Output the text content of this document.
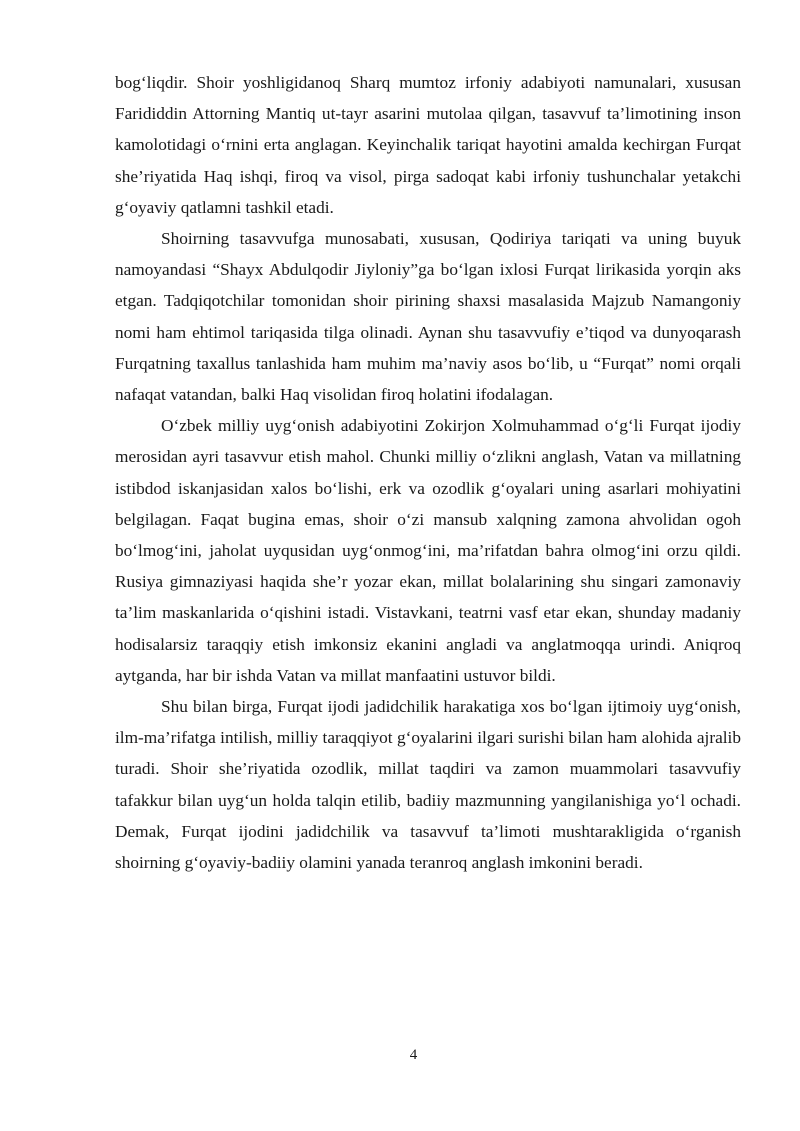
bog‘liqdir. Shoir yoshligidanoq Sharq mumtoz irfoniy adabiyoti namunalari, xususan Farididdin Attorning Mantiq ut-tayr asarini mutolaa qilgan, tasavvuf ta’limotining inson kamolotidagi o‘rnini erta anglagan. Keyinchalik tariqat hayotini amalda kechirgan Furqat she’riyatida Haq ishqi, firoq va visol, pirga sadoqat kabi irfoniy tushunchalar yetakchi g‘oyaviy qatlamni tashkil etadi.

Shoirning tasavvufga munosabati, xususan, Qodiriya tariqati va uning buyuk namoyandasi “Shayx Abdulqodir Jiyloniy”ga bo‘lgan ixlosi Furqat lirikasida yorqin aks etgan. Tadqiqotchilar tomonidan shoir pirining shaxsi masalasida Majzub Namangoniy nomi ham ehtimol tariqasida tilga olinadi. Aynan shu tasavvufiy e’tiqod va dunyoqarash Furqatning taxallus tanlashida ham muhim ma’naviy asos bo‘lib, u “Furqat” nomi orqali nafaqat vatandan, balki Haq visolidan firoq holatini ifodalagan.

O‘zbek milliy uyg‘onish adabiyotini Zokirjon Xolmuhammad o‘g‘li Furqat ijodiy merosidan ayri tasavvur etish mahol. Chunki milliy o‘zlikni anglash, Vatan va millatning istibdod iskanjasidan xalos bo‘lishi, erk va ozodlik g‘oyalari uning asarlari mohiyatini belgilagan. Faqat bugina emas, shoir o‘zi mansub xalqning zamona ahvolidan ogoh bo‘lmog‘ini, jaholat uyqusidan uyg‘onmog‘ini, ma’rifatdan bahra olmog‘ini orzu qildi. Rusiya gimnaziyasi haqida she’r yozar ekan, millat bolalarining shu singari zamonaviy ta’lim maskanlarida o‘qishini istadi. Vistavkani, teatrni vasf etar ekan, shunday madaniy hodisalarsiz taraqqiy etish imkonsiz ekanini angladi va anglatmoqqa urindi. Aniqroq aytganda, har bir ishda Vatan va millat manfaatini ustuvor bildi.

Shu bilan birga, Furqat ijodi jadidchilik harakatiga xos bo‘lgan ijtimoiy uyg‘onish, ilm-ma’rifatga intilish, milliy taraqqiyot g‘oyalarini ilgari surishi bilan ham alohida ajralib turadi. Shoir she’riyatida ozodlik, millat taqdiri va zamon muammolari tasavvufiy tafakkur bilan uyg‘un holda talqin etilib, badiiy mazmunning yangilanishiga yo‘l ochadi. Demak, Furqat ijodini jadidchilik va tasavvuf ta’limoti mushtarakligida o‘rganish shoirning g‘oyaviy-badiiy olamini yanada teranroq anglash imkonini beradi.

4
